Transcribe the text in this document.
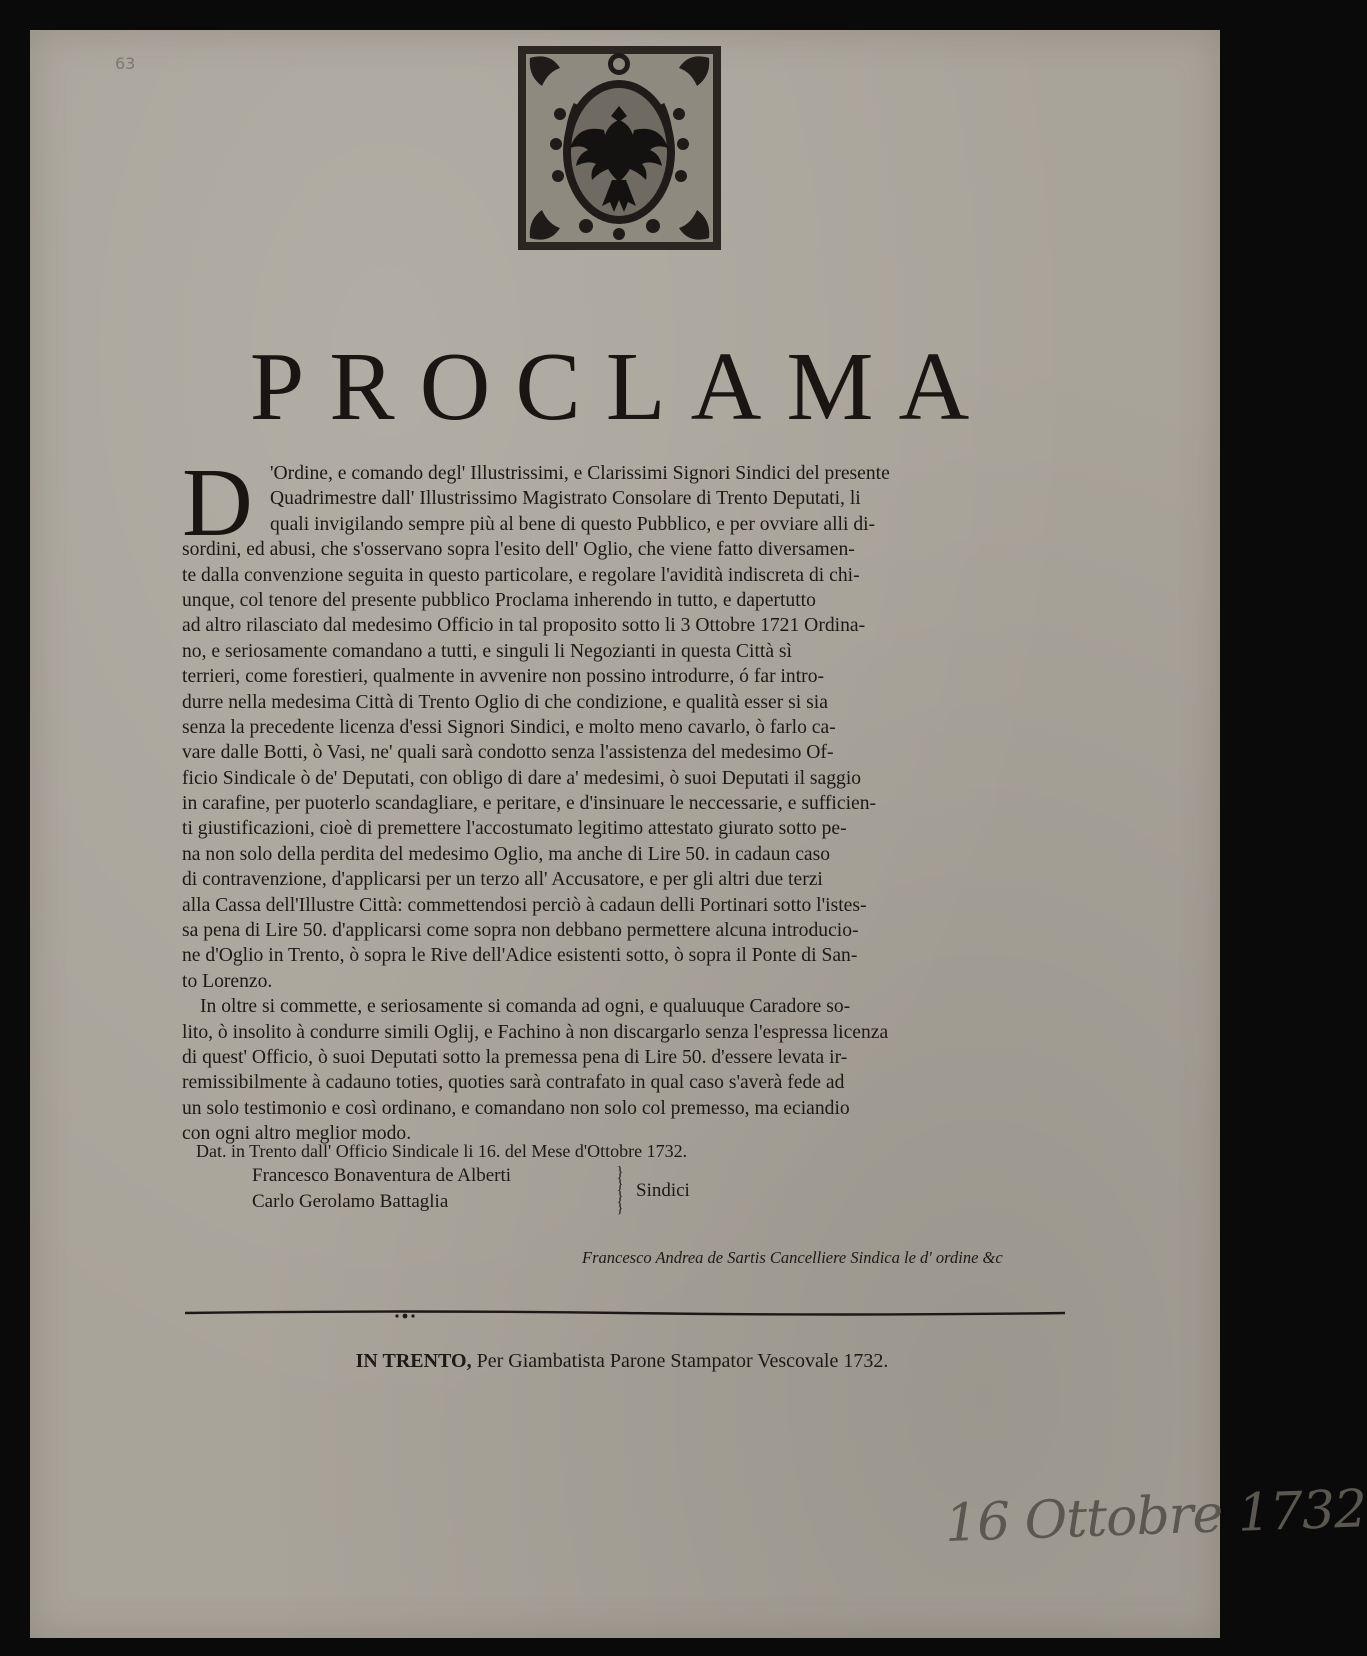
63
PROCLAMA
D 'Ordine, e comando degl' Illustrissimi, e Clarissimi Signori Sindici del presente
Quadrimestre dall' Illustrissimo Magistrato Consolare di Trento Deputati, li
quali invigilando sempre più al bene di questo Pubblico, e per ovviare alli di-
sordini, ed abusi, che s'osservano sopra l'esito dell' Oglio, che viene fatto diversamen-
te dalla convenzione seguita in questo particolare, e regolare l'avidità indiscreta di chi-
unque, col tenore del presente pubblico Proclama inherendo in tutto, e dapertutto
ad altro rilasciato dal medesimo Officio in tal proposito sotto li 3 Ottobre 1721 Ordina-
no, e seriosamente comandano a tutti, e singuli li Negozianti in questa Città sì
terrieri, come forestieri, qualmente in avvenire non possino introdurre, ó far intro-
durre nella medesima Città di Trento Oglio di che condizione, e qualità esser si sia
senza la precedente licenza d'essi Signori Sindici, e molto meno cavarlo, ò farlo ca-
vare dalle Botti, ò Vasi, ne' quali sarà condotto senza l'assistenza del medesimo Of-
ficio Sindicale ò de' Deputati, con obligo di dare a' medesimi, ò suoi Deputati il saggio
in carafine, per puoterlo scandagliare, e peritare, e d'insinuare le neccessarie, e sufficien-
ti giustificazioni, cioè di premettere l'accostumato legitimo attestato giurato sotto pe-
na non solo della perdita del medesimo Oglio, ma anche di Lire 50. in cadaun caso
di contravenzione, d'applicarsi per un terzo all' Accusatore, e per gli altri due terzi
alla Cassa dell'Illustre Città: commettendosi perciò à cadaun delli Portinari sotto l'istes-
sa pena di Lire 50. d'applicarsi come sopra non debbano permettere alcuna introducio-
ne d'Oglio in Trento, ò sopra le Rive dell'Adice esistenti sotto, ò sopra il Ponte di San-
to Lorenzo.
In oltre si commette, e seriosamente si comanda ad ogni, e qualuuque Caradore so-
lito, ò insolito à condurre simili Oglij, e Fachino à non discargarlo senza l'espressa licenza
di quest' Officio, ò suoi Deputati sotto la premessa pena di Lire 50. d'essere levata ir-
remissibilmente à cadauno toties, quoties sarà contrafato in qual caso s'averà fede ad
un solo testimonio e così ordinano, e comandano non solo col premesso, ma eciandio
con ogni altro meglior modo.
Dat. in Trento dall' Officio Sindicale li 16. del Mese d'Ottobre 1732.
Francesco Bonaventura de Alberti
Carlo Gerolamo Battaglia
}
}
}
}
Sindici
Francesco Andrea de Sartis Cancelliere Sindica le d' ordine &c
IN TRENTO, Per Giambatista Parone Stampator Vescovale 1732.
16 Ottobre 1732
